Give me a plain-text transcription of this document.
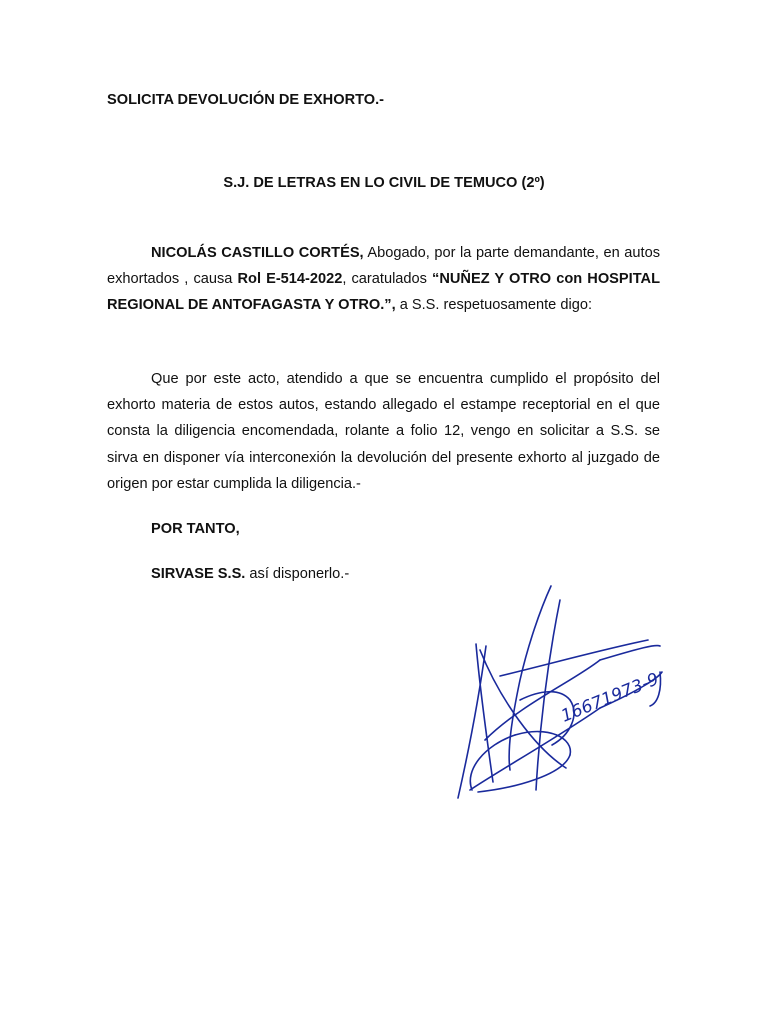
SOLICITA DEVOLUCIÓN DE EXHORTO.-
S.J. DE LETRAS EN LO CIVIL DE TEMUCO (2º)
NICOLÁS CASTILLO CORTÉS, Abogado, por la parte demandante, en autos exhortados , causa Rol E-514-2022, caratulados “NUÑEZ Y OTRO con HOSPITAL REGIONAL DE ANTOFAGASTA Y OTRO.”, a S.S. respetuosamente digo:
Que por este acto, atendido a que se encuentra cumplido el propósito del exhorto materia de estos autos, estando allegado el estampe receptorial en el que consta la diligencia encomendada, rolante a folio 12, vengo en solicitar a S.S. se sirva en disponer vía interconexión la devolución del presente exhorto al juzgado de origen por estar cumplida la diligencia.-
POR TANTO,
SIRVASE S.S. así disponerlo.-
16671973-9
